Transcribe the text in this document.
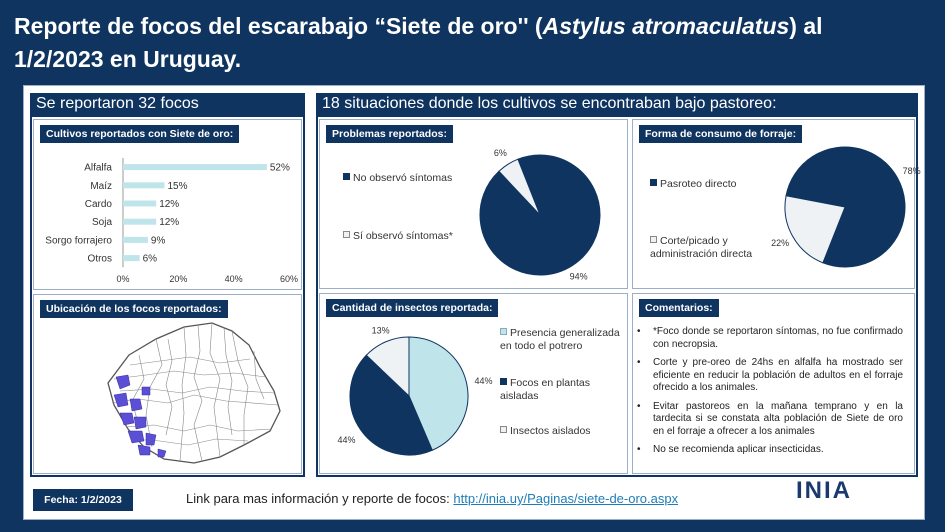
Reporte de focos del escarabajo “Siete de oro'' (Astylus atromaculatus) al
1/2/2023 en Uruguay.
Se reportaron 32 focos	18 situaciones donde los cultivos se encontraban bajo pastoreo:
Cultivos reportados con Siete de oro:
Alfalfa	52%
Maíz	15%
Cardo	12%
Soja	12%
Sorgo forrajero	9%
Otros	6%
0%	20%	40%	60%
Ubicación de los focos reportados:
Problemas reportados:
No observó síntomas
Sí observó síntomas*
94%
6%
Forma de consumo de forraje:
Pasroteo directo
Corte/picado y administración directa
78%
22%
Cantidad de insectos reportada:
Presencia generalizada en todo el potrero
Focos en plantas aisladas
Insectos aislados
44%
44%
13%
Comentarios:
• *Foco donde se reportaron síntomas, no fue confirmado con necropsia.
• Corte y pre-oreo de 24hs en alfalfa ha mostrado ser eficiente en reducir la población de adultos en el forraje ofrecido a los animales.
• Evitar pastoreos en la mañana temprano y en la tardecita si se constata alta población de Siete de oro en el forraje a ofrecer a los animales
• No se recomienda aplicar insecticidas.
Fecha: 1/2/2023	Link para mas información y reporte de focos: http://inia.uy/Paginas/siete-de-oro.aspx	INIA
